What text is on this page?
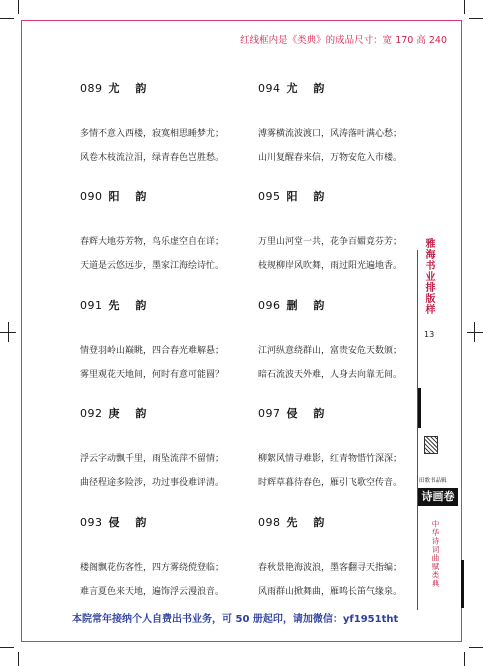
红线框内是《类典》的成品尺寸：宽 170 高 240
089 尤 韵
多情不意入西楼，寂寞相思睡梦尤；
风卷木枝流泣泪，绿青春色岂胜愁。
090 阳 韵
春辉大地芬芳物，鸟乐虚空自在详；
天道是云悠远步，墨家江海绘诗忙。
091 先 韵
情登羽岭山巅眺，四合春光难解悬；
雾里观花天地间，何时有意可能圆？
092 庚 韵
浮云字动飘千里，雨坠流萍不留情；
曲径程途多险涉，功过事役难评清。
093 侵 韵
楼阁飘花伤客性，四方雾绕傥登临；
难言夏色来天地，遍饰浮云漫浪音。
094 尤 韵
溥雾横流波渡口，风涛落叶满心愁；
山川复醒春来信，万物安危入市楼。
095 阳 韵
万里山河堂一共，花争百媚竟芬芳；
枝规柳岸风吹舞，雨过阳光遍地香。
096 删 韵
江河纵意绕群山，富贵安危天数颁；
暗石流波天外难，人身去向靠无间。
097 侵 韵
柳絮风情寻难影，红青物惜竹深深；
时辉草暮待春色，雁引飞歌空传音。
098 先 韵
春秋景艳海波浪，墨客翻寻天指编；
风雨群山掀舞曲，雁鸣长笛气缘泉。
雅海书业排版样
13
田歌书品辑
诗画卷
中华诗词曲赋类典
本院常年接纳个人自费出书业务，可 50 册起印，请加微信：yf1951tht
